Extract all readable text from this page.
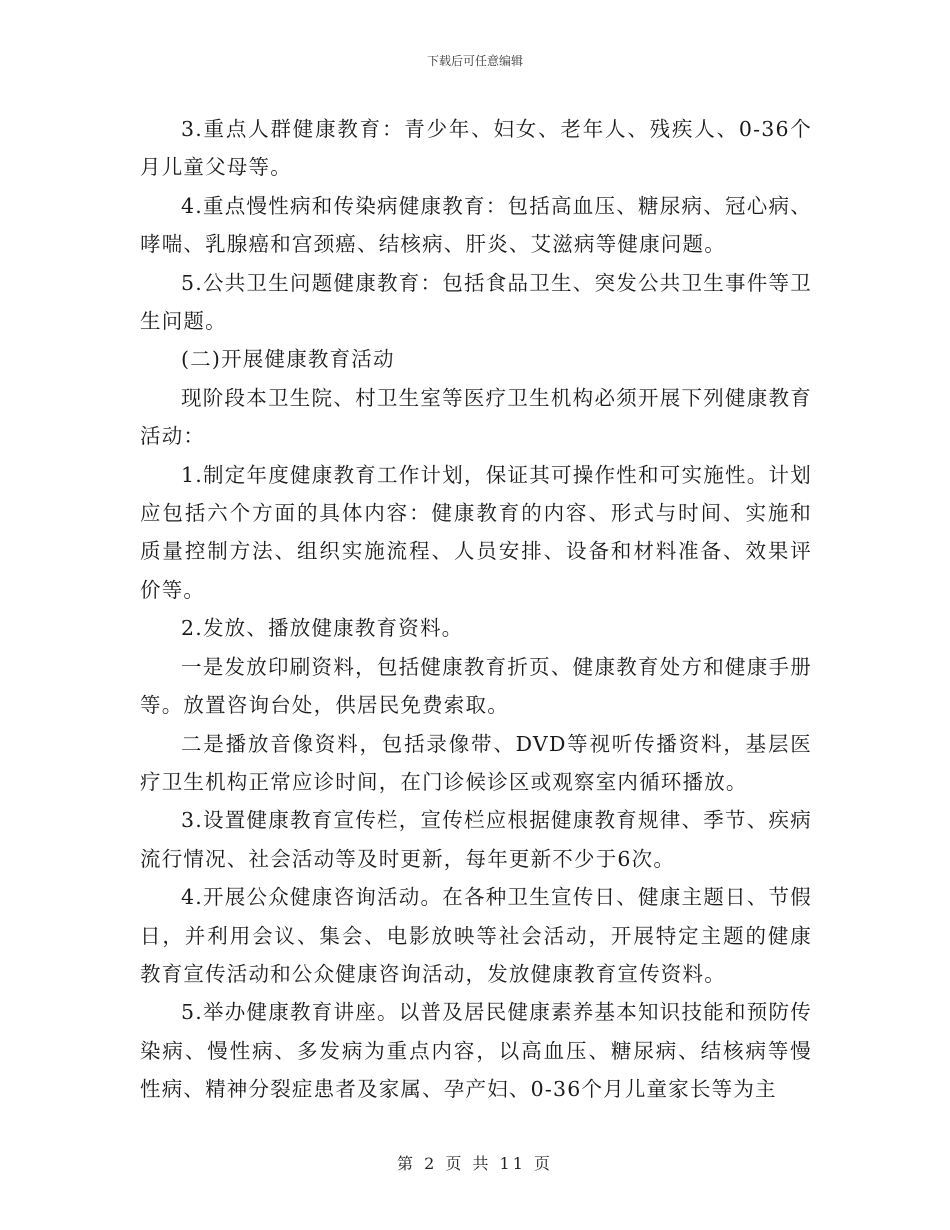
下载后可任意编辑

3.重点人群健康教育：青少年、妇女、老年人、残疾人、0-36个月儿童父母等。

4.重点慢性病和传染病健康教育：包括高血压、糖尿病、冠心病、哮喘、乳腺癌和宫颈癌、结核病、肝炎、艾滋病等健康问题。

5.公共卫生问题健康教育：包括食品卫生、突发公共卫生事件等卫生问题。

(二)开展健康教育活动

现阶段本卫生院、村卫生室等医疗卫生机构必须开展下列健康教育活动：

1.制定年度健康教育工作计划，保证其可操作性和可实施性。计划应包括六个方面的具体内容：健康教育的内容、形式与时间、实施和质量控制方法、组织实施流程、人员安排、设备和材料准备、效果评价等。

2.发放、播放健康教育资料。

一是发放印刷资料，包括健康教育折页、健康教育处方和健康手册等。放置咨询台处，供居民免费索取。

二是播放音像资料，包括录像带、DVD等视听传播资料，基层医疗卫生机构正常应诊时间，在门诊候诊区或观察室内循环播放。

3.设置健康教育宣传栏，宣传栏应根据健康教育规律、季节、疾病流行情况、社会活动等及时更新，每年更新不少于6次。

4.开展公众健康咨询活动。在各种卫生宣传日、健康主题日、节假日，并利用会议、集会、电影放映等社会活动，开展特定主题的健康教育宣传活动和公众健康咨询活动，发放健康教育宣传资料。

5.举办健康教育讲座。以普及居民健康素养基本知识技能和预防传染病、慢性病、多发病为重点内容，以高血压、糖尿病、结核病等慢性病、精神分裂症患者及家属、孕产妇、0-36个月儿童家长等为主

第 2 页 共 11 页
